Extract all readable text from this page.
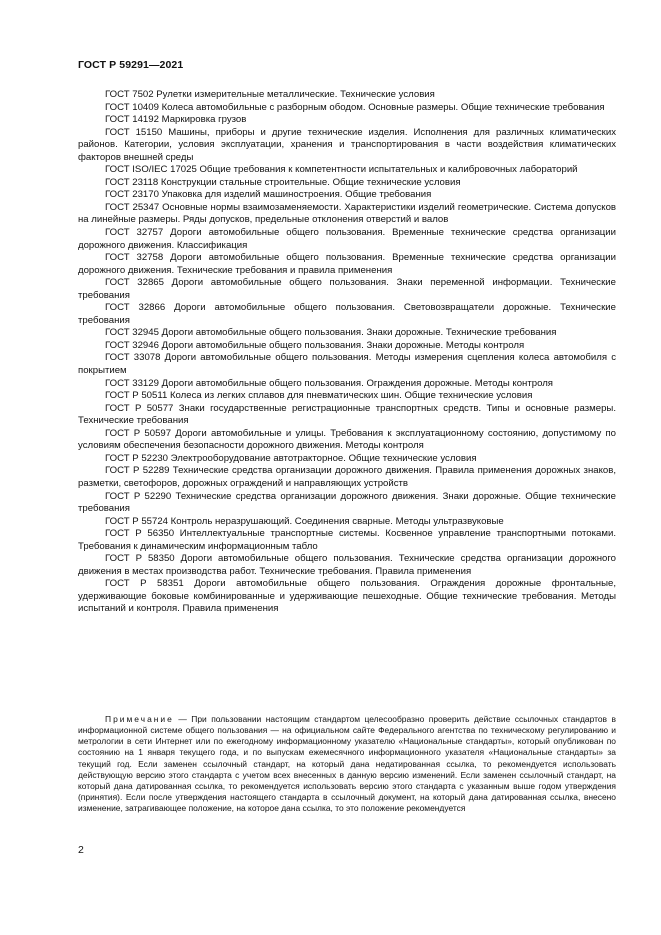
ГОСТ Р 59291—2021

ГОСТ 7502 Рулетки измерительные металлические. Технические условия

ГОСТ 10409 Колеса автомобильные с разборным ободом. Основные размеры. Общие технические требования

ГОСТ 14192 Маркировка грузов

ГОСТ 15150 Машины, приборы и другие технические изделия. Исполнения для различных климатических районов. Категории, условия эксплуатации, хранения и транспортирования в части воздействия климатических факторов внешней среды

ГОСТ ISO/IEC 17025 Общие требования к компетентности испытательных и калибровочных лабораторий

ГОСТ 23118 Конструкции стальные строительные. Общие технические условия

ГОСТ 23170 Упаковка для изделий машиностроения. Общие требования

ГОСТ 25347 Основные нормы взаимозаменяемости. Характеристики изделий геометрические. Система допусков на линейные размеры. Ряды допусков, предельные отклонения отверстий и валов

ГОСТ 32757 Дороги автомобильные общего пользования. Временные технические средства организации дорожного движения. Классификация

ГОСТ 32758 Дороги автомобильные общего пользования. Временные технические средства организации дорожного движения. Технические требования и правила применения

ГОСТ 32865 Дороги автомобильные общего пользования. Знаки переменной информации. Технические требования

ГОСТ 32866 Дороги автомобильные общего пользования. Световозвращатели дорожные. Технические требования

ГОСТ 32945 Дороги автомобильные общего пользования. Знаки дорожные. Технические требования

ГОСТ 32946 Дороги автомобильные общего пользования. Знаки дорожные. Методы контроля

ГОСТ 33078 Дороги автомобильные общего пользования. Методы измерения сцепления колеса автомобиля с покрытием

ГОСТ 33129 Дороги автомобильные общего пользования. Ограждения дорожные. Методы контроля

ГОСТ Р 50511 Колеса из легких сплавов для пневматических шин. Общие технические условия

ГОСТ Р 50577 Знаки государственные регистрационные транспортных средств. Типы и основные размеры. Технические требования

ГОСТ Р 50597 Дороги автомобильные и улицы. Требования к эксплуатационному состоянию, допустимому по условиям обеспечения безопасности дорожного движения. Методы контроля

ГОСТ Р 52230 Электрооборудование автотракторное. Общие технические условия

ГОСТ Р 52289 Технические средства организации дорожного движения. Правила применения дорожных знаков, разметки, светофоров, дорожных ограждений и направляющих устройств

ГОСТ Р 52290 Технические средства организации дорожного движения. Знаки дорожные. Общие технические требования

ГОСТ Р 55724 Контроль неразрушающий. Соединения сварные. Методы ультразвуковые

ГОСТ Р 56350 Интеллектуальные транспортные системы. Косвенное управление транспортными потоками. Требования к динамическим информационным табло

ГОСТ Р 58350 Дороги автомобильные общего пользования. Технические средства организации дорожного движения в местах производства работ. Технические требования. Правила применения

ГОСТ Р 58351 Дороги автомобильные общего пользования. Ограждения дорожные фронтальные, удерживающие боковые комбинированные и удерживающие пешеходные. Общие технические требования. Методы испытаний и контроля. Правила применения

Примечание — При пользовании настоящим стандартом целесообразно проверить действие ссылочных стандартов в информационной системе общего пользования — на официальном сайте Федерального агентства по техническому регулированию и метрологии в сети Интернет или по ежегодному информационному указателю «Национальные стандарты», который опубликован по состоянию на 1 января текущего года, и по выпускам ежемесячного информационного указателя «Национальные стандарты» за текущий год. Если заменен ссылочный стандарт, на который дана недатированная ссылка, то рекомендуется использовать действующую версию этого стандарта с учетом всех внесенных в данную версию изменений. Если заменен ссылочный стандарт, на который дана датированная ссылка, то рекомендуется использовать версию этого стандарта с указанным выше годом утверждения (принятия). Если после утверждения настоящего стандарта в ссылочный документ, на который дана датированная ссылка, внесено изменение, затрагивающее положение, на которое дана ссылка, то это положение рекомендуется

2
